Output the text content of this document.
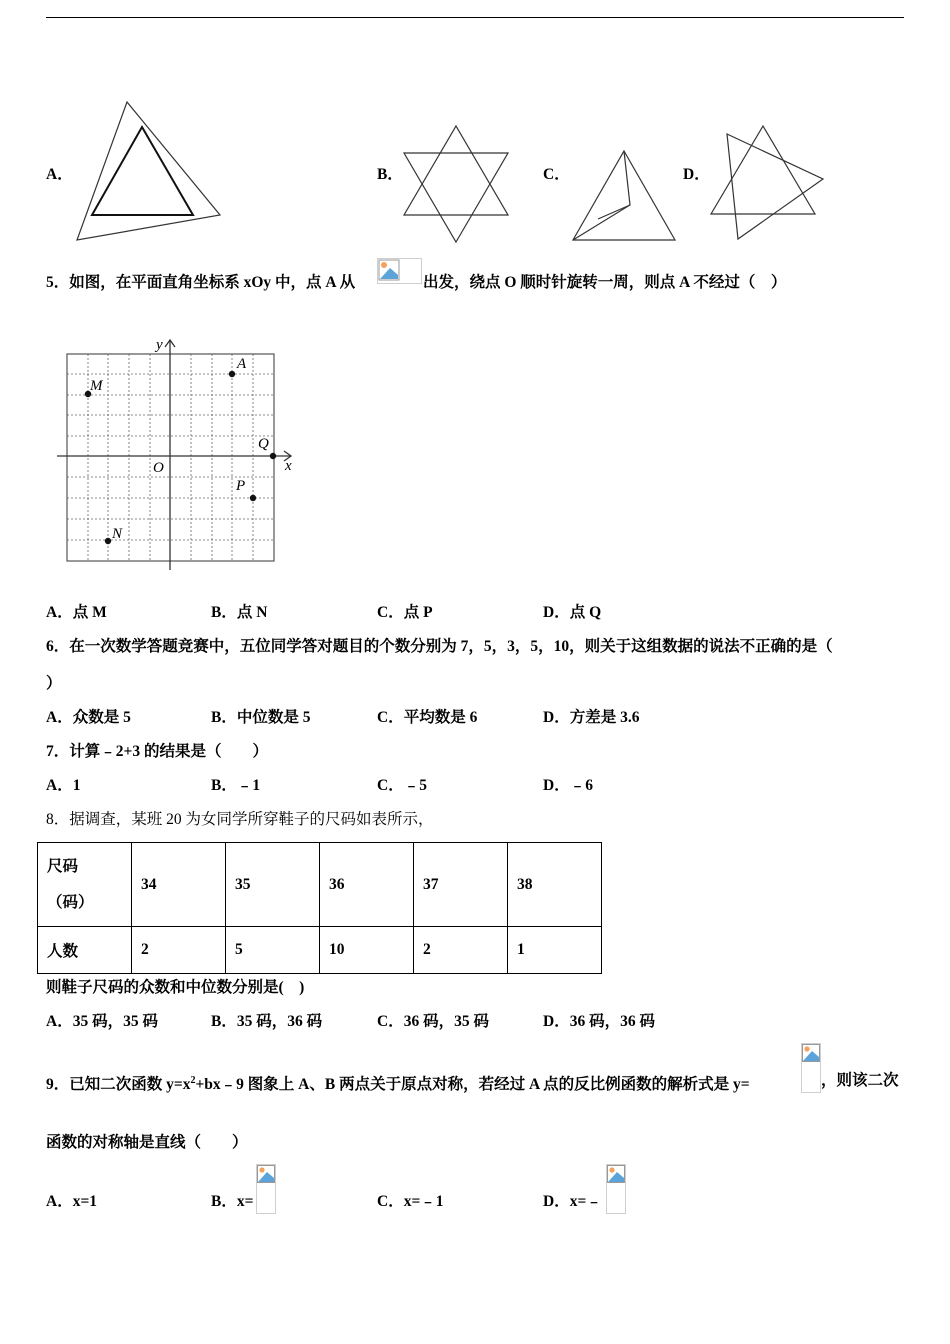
A．	B．	C．	D．
5．如图，在平面直角坐标系 xOy 中，点 A 从	出发，绕点 O 顺时针旋转一周，则点 A 不经过（　）
y
x
O
A
M
Q
P
N
A．点 M	B．点 N	C．点 P	D．点 Q
6．在一次数学答题竞赛中，五位同学答对题目的个数分别为 7，5，3，5，10，则关于这组数据的说法不正确的是（
）
A．众数是 5	B．中位数是 5	C．平均数是 6	D．方差是 3.6
7．计算﹣2+3 的结果是（　　）
A．1	B．﹣1	C．﹣5	D．﹣6
8．据调查，某班 20 为女同学所穿鞋子的尺码如表所示，
尺码
（码）	34	35	36	37	38
人数	2	5	10	2	1
则鞋子尺码的众数和中位数分别是(　)
A．35 码，35 码	B．35 码，36 码	C．36 码，35 码	D．36 码，36 码
9．已知二次函数 $y=x^2+bx﹣9$ 图象上 A、B 两点关于原点对称，若经过 A 点的反比例函数的解析式是 y=	，则该二次
函数的对称轴是直线（　　）
A．x=1	B．x=	C．x=﹣1	D．x=﹣
